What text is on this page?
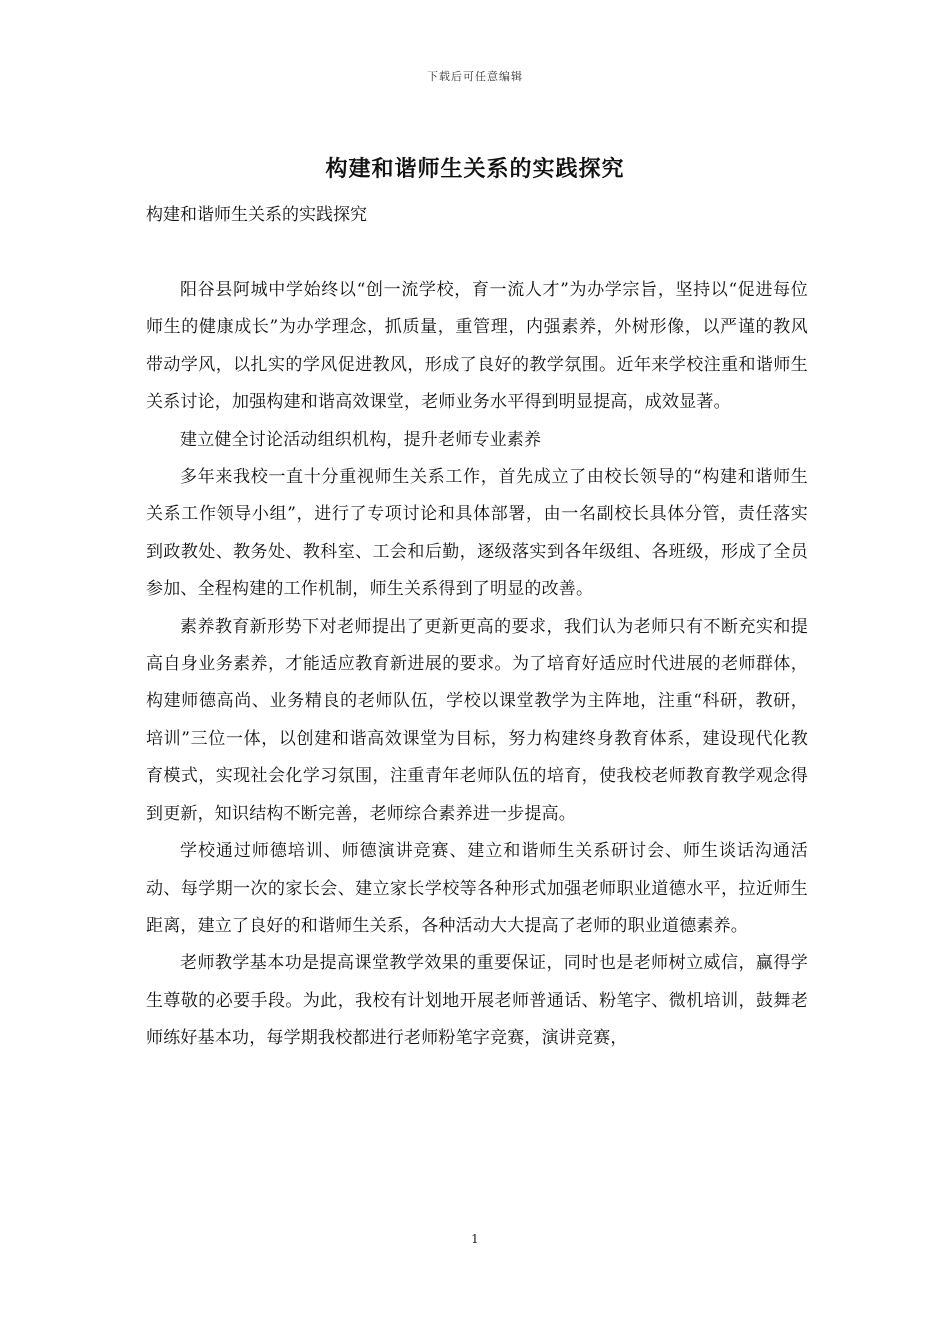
下载后可任意编辑
构建和谐师生关系的实践探究

构建和谐师生关系的实践探究

阳谷县阿城中学始终以“创一流学校，育一流人才”为办学宗旨，坚持以“促进每位师生的健康成长”为办学理念，抓质量，重管理，内强素养，外树形像，以严谨的教风带动学风，以扎实的学风促进教风，形成了良好的教学氛围。近年来学校注重和谐师生关系讨论，加强构建和谐高效课堂，老师业务水平得到明显提高，成效显著。

建立健全讨论活动组织机构，提升老师专业素养

多年来我校一直十分重视师生关系工作，首先成立了由校长领导的“构建和谐师生关系工作领导小组”，进行了专项讨论和具体部署，由一名副校长具体分管，责任落实到政教处、教务处、教科室、工会和后勤，逐级落实到各年级组、各班级，形成了全员参加、全程构建的工作机制，师生关系得到了明显的改善。

素养教育新形势下对老师提出了更新更高的要求，我们认为老师只有不断充实和提高自身业务素养，才能适应教育新进展的要求。为了培育好适应时代进展的老师群体，构建师德高尚、业务精良的老师队伍，学校以课堂教学为主阵地，注重“科研，教研，培训”三位一体，以创建和谐高效课堂为目标，努力构建终身教育体系，建设现代化教育模式，实现社会化学习氛围，注重青年老师队伍的培育，使我校老师教育教学观念得到更新，知识结构不断完善，老师综合素养进一步提高。

学校通过师德培训、师德演讲竞赛、建立和谐师生关系研讨会、师生谈话沟通活动、每学期一次的家长会、建立家长学校等各种形式加强老师职业道德水平，拉近师生距离，建立了良好的和谐师生关系，各种活动大大提高了老师的职业道德素养。

老师教学基本功是提高课堂教学效果的重要保证，同时也是老师树立威信，赢得学生尊敬的必要手段。为此，我校有计划地开展老师普通话、粉笔字、微机培训，鼓舞老师练好基本功，每学期我校都进行老师粉笔字竞赛，演讲竞赛，

1
